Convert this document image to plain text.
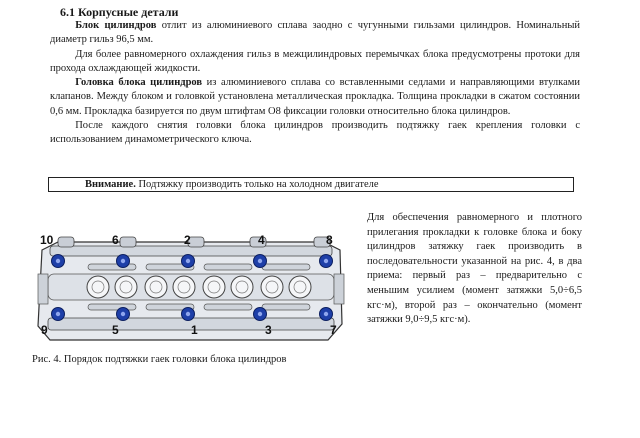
6.1 Корпусные детали

Блок цилиндров отлит из алюминиевого сплава заодно с чугунными гильзами цилиндров. Номинальный диаметр гильз 96,5 мм.

Для более равномерного охлаждения гильз в межцилиндровых перемычках блока предусмотрены протоки для прохода охлаждающей жидкости.

Головка блока цилиндров из алюминиевого сплава со вставленными седлами и направляющими втулками клапанов. Между блоком и головкой установлена металлическая прокладка. Толщина прокладки в сжатом состоянии 0,6 мм. Прокладка базируется по двум штифтам О8 фиксации головки относительно блока цилиндров.

После каждого снятия головки блока цилиндров производить подтяжку гаек крепления головки с использованием динамометрического ключа.

Внимание. Подтяжку производить только на холодном двигателе
10	6	2	4	8
9	5	1	3	7
Рис. 4. Порядок подтяжки гаек головки блока цилиндров

Для обеспечения равномерного и плотного прилегания прокладки к головке блока и боку цилиндров затяжку гаек производить в последовательности указанной на рис. 4, в два приема: первый раз – предварительно с меньшим усилием (момент затяжки 5,0÷6,5 кгс·м), второй раз – окончательно (момент затяжки 9,0÷9,5 кгс·м).
